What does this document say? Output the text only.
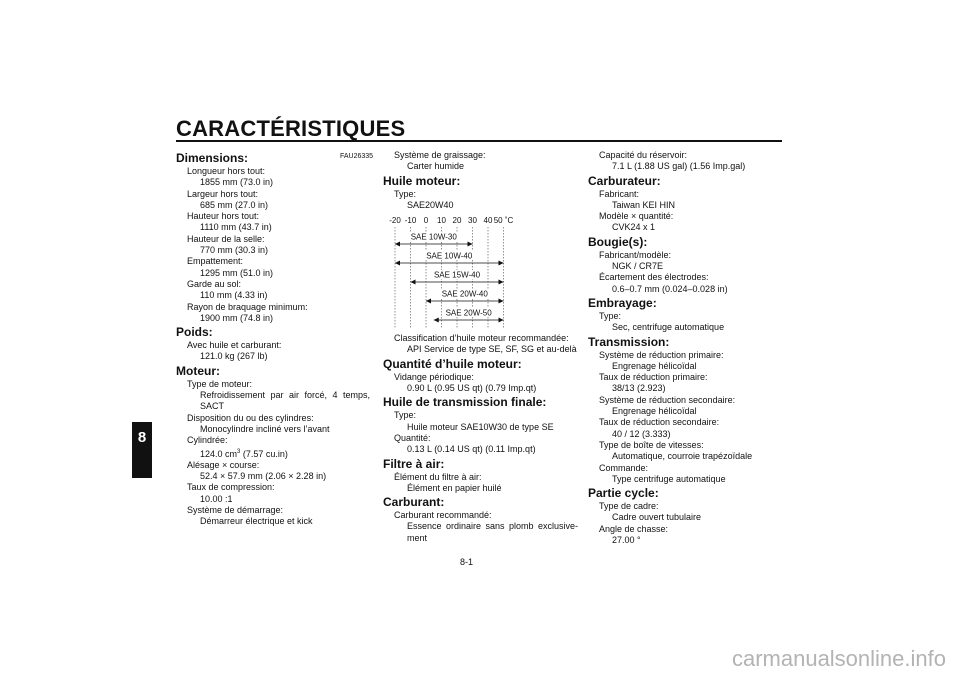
CARACTÉRISTIQUES
8
FAU26335
Dimensions:
Longueur hors tout:
1855 mm (73.0 in)
Largeur hors tout:
685 mm (27.0 in)
Hauteur hors tout:
1110 mm (43.7 in)
Hauteur de la selle:
770 mm (30.3 in)
Empattement:
1295 mm (51.0 in)
Garde au sol:
110 mm (4.33 in)
Rayon de braquage minimum:
1900 mm (74.8 in)
Poids:
Avec huile et carburant:
121.0 kg (267 lb)
Moteur:
Type de moteur:
Refroidissement par air forcé, 4 temps,
SACT
Disposition du ou des cylindres:
Monocylindre incliné vers l’avant
Cylindrée:
124.0 $cm^3$ (7.57 cu.in)
Alésage × course:
52.4 × 57.9 mm (2.06 × 2.28 in)
Taux de compression:
10.00 :1
Système de démarrage:
Démarreur électrique et kick
Système de graissage:
Carter humide
Huile moteur:
Type:
SAE20W40
-20 -10 0 10 20 30 40 50 ˚C
SAE 10W-30
SAE 10W-40
SAE 15W-40
SAE 20W-40
SAE 20W-50
Classification d’huile moteur recommandée:
API Service de type SE, SF, SG et au-delà
Quantité d’huile moteur:
Vidange périodique:
0.90 L (0.95 US qt) (0.79 Imp.qt)
Huile de transmission finale:
Type:
Huile moteur SAE10W30 de type SE
Quantité:
0.13 L (0.14 US qt) (0.11 Imp.qt)
Filtre à air:
Élément du filtre à air:
Élément en papier huilé
Carburant:
Carburant recommandé:
Essence ordinaire sans plomb exclusive-
ment
Capacité du réservoir:
7.1 L (1.88 US gal) (1.56 Imp.gal)
Carburateur:
Fabricant:
Taiwan KEI HIN
Modèle × quantité:
CVK24 x 1
Bougie(s):
Fabricant/modèle:
NGK / CR7E
Écartement des électrodes:
0.6–0.7 mm (0.024–0.028 in)
Embrayage:
Type:
Sec, centrifuge automatique
Transmission:
Système de réduction primaire:
Engrenage hélicoïdal
Taux de réduction primaire:
38/13 (2.923)
Système de réduction secondaire:
Engrenage hélicoïdal
Taux de réduction secondaire:
40 / 12 (3.333)
Type de boîte de vitesses:
Automatique, courroie trapézoïdale
Commande:
Type centrifuge automatique
Partie cycle:
Type de cadre:
Cadre ouvert tubulaire
Angle de chasse:
27.00 °
8-1
carmanualsonline.info
